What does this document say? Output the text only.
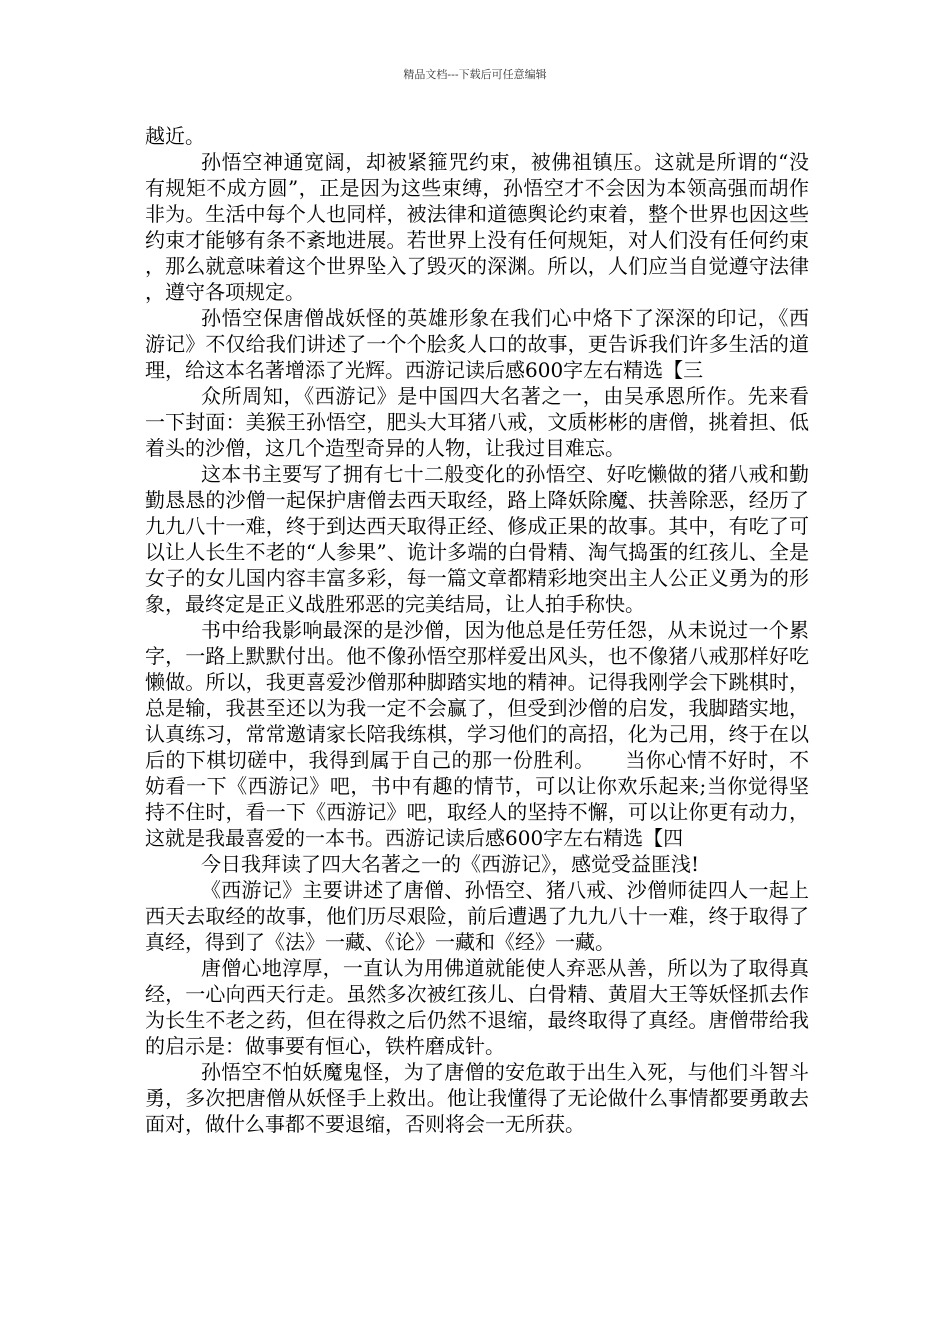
精品文档---下载后可任意编辑

越近。

孙悟空神通宽阔，却被紧箍咒约束，被佛祖镇压。这就是所谓的“没有规矩不成方圆”，正是因为这些束缚，孙悟空才不会因为本领高强而胡作非为。生活中每个人也同样，被法律和道德舆论约束着，整个世界也因这些约束才能够有条不紊地进展。若世界上没有任何规矩，对人们没有任何约束，那么就意味着这个世界坠入了毁灭的深渊。所以，人们应当自觉遵守法律，遵守各项规定。

孙悟空保唐僧战妖怪的英雄形象在我们心中烙下了深深的印记，《西游记》不仅给我们讲述了一个个脍炙人口的故事，更告诉我们许多生活的道理，给这本名著增添了光辉。西游记读后感600字左右精选【三

众所周知，《西游记》是中国四大名著之一，由吴承恩所作。先来看一下封面：美猴王孙悟空，肥头大耳猪八戒，文质彬彬的唐僧，挑着担、低着头的沙僧，这几个造型奇异的人物，让我过目难忘。

这本书主要写了拥有七十二般变化的孙悟空、好吃懒做的猪八戒和勤勤恳恳的沙僧一起保护唐僧去西天取经，路上降妖除魔、扶善除恶，经历了九九八十一难，终于到达西天取得正经、修成正果的故事。其中，有吃了可以让人长生不老的“人参果”、诡计多端的白骨精、淘气捣蛋的红孩儿、全是女子的女儿国内容丰富多彩，每一篇文章都精彩地突出主人公正义勇为的形象，最终定是正义战胜邪恶的完美结局，让人拍手称快。

书中给我影响最深的是沙僧，因为他总是任劳任怨，从未说过一个累字，一路上默默付出。他不像孙悟空那样爱出风头，也不像猪八戒那样好吃懒做。所以，我更喜爱沙僧那种脚踏实地的精神。记得我刚学会下跳棋时，总是输，我甚至还以为我一定不会赢了，但受到沙僧的启发，我脚踏实地，认真练习，常常邀请家长陪我练棋，学习他们的高招，化为己用，终于在以后的下棋切磋中，我得到属于自己的那一份胜利。　　当你心情不好时，不妨看一下《西游记》吧，书中有趣的情节，可以让你欢乐起来;当你觉得坚持不住时，看一下《西游记》吧，取经人的坚持不懈，可以让你更有动力，这就是我最喜爱的一本书。西游记读后感600字左右精选【四

今日我拜读了四大名著之一的《西游记》，感觉受益匪浅!

《西游记》主要讲述了唐僧、孙悟空、猪八戒、沙僧师徒四人一起上西天去取经的故事，他们历尽艰险，前后遭遇了九九八十一难，终于取得了真经，得到了《法》一藏、《论》一藏和《经》一藏。

唐僧心地淳厚，一直认为用佛道就能使人弃恶从善，所以为了取得真经，一心向西天行走。虽然多次被红孩儿、白骨精、黄眉大王等妖怪抓去作为长生不老之药，但在得救之后仍然不退缩，最终取得了真经。唐僧带给我的启示是：做事要有恒心，铁杵磨成针。

孙悟空不怕妖魔鬼怪，为了唐僧的安危敢于出生入死，与他们斗智斗勇，多次把唐僧从妖怪手上救出。他让我懂得了无论做什么事情都要勇敢去面对，做什么事都不要退缩，否则将会一无所获。
